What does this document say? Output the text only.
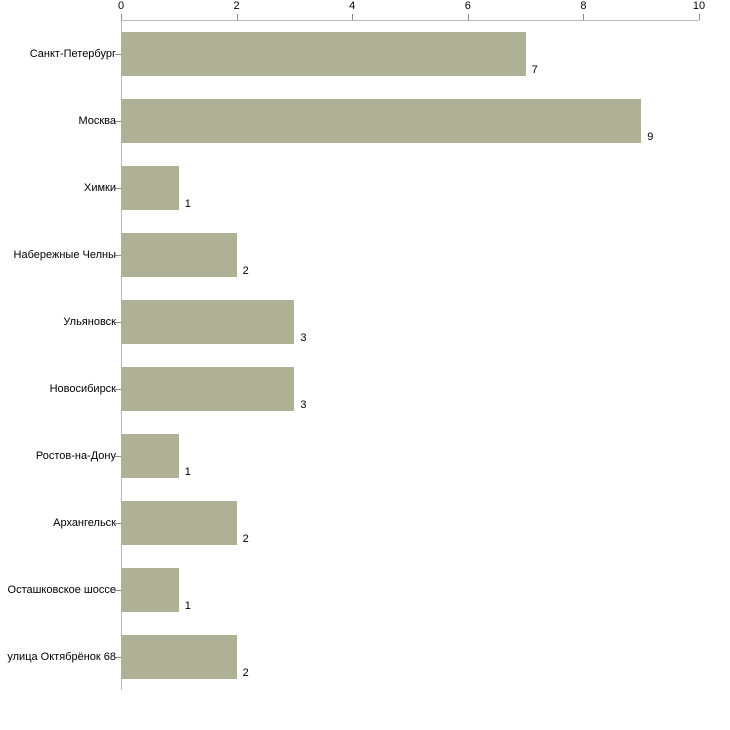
0	2	4	6	8	10
Санкт-Петербург
Москва
Химки
Набережные Челны
Ульяновск
Новосибирск
Ростов-на-Дону
Архангельск
Осташковское шоссе
улица Октябрёнок 68
7
9
1
2
3
3
1
2
1
2
